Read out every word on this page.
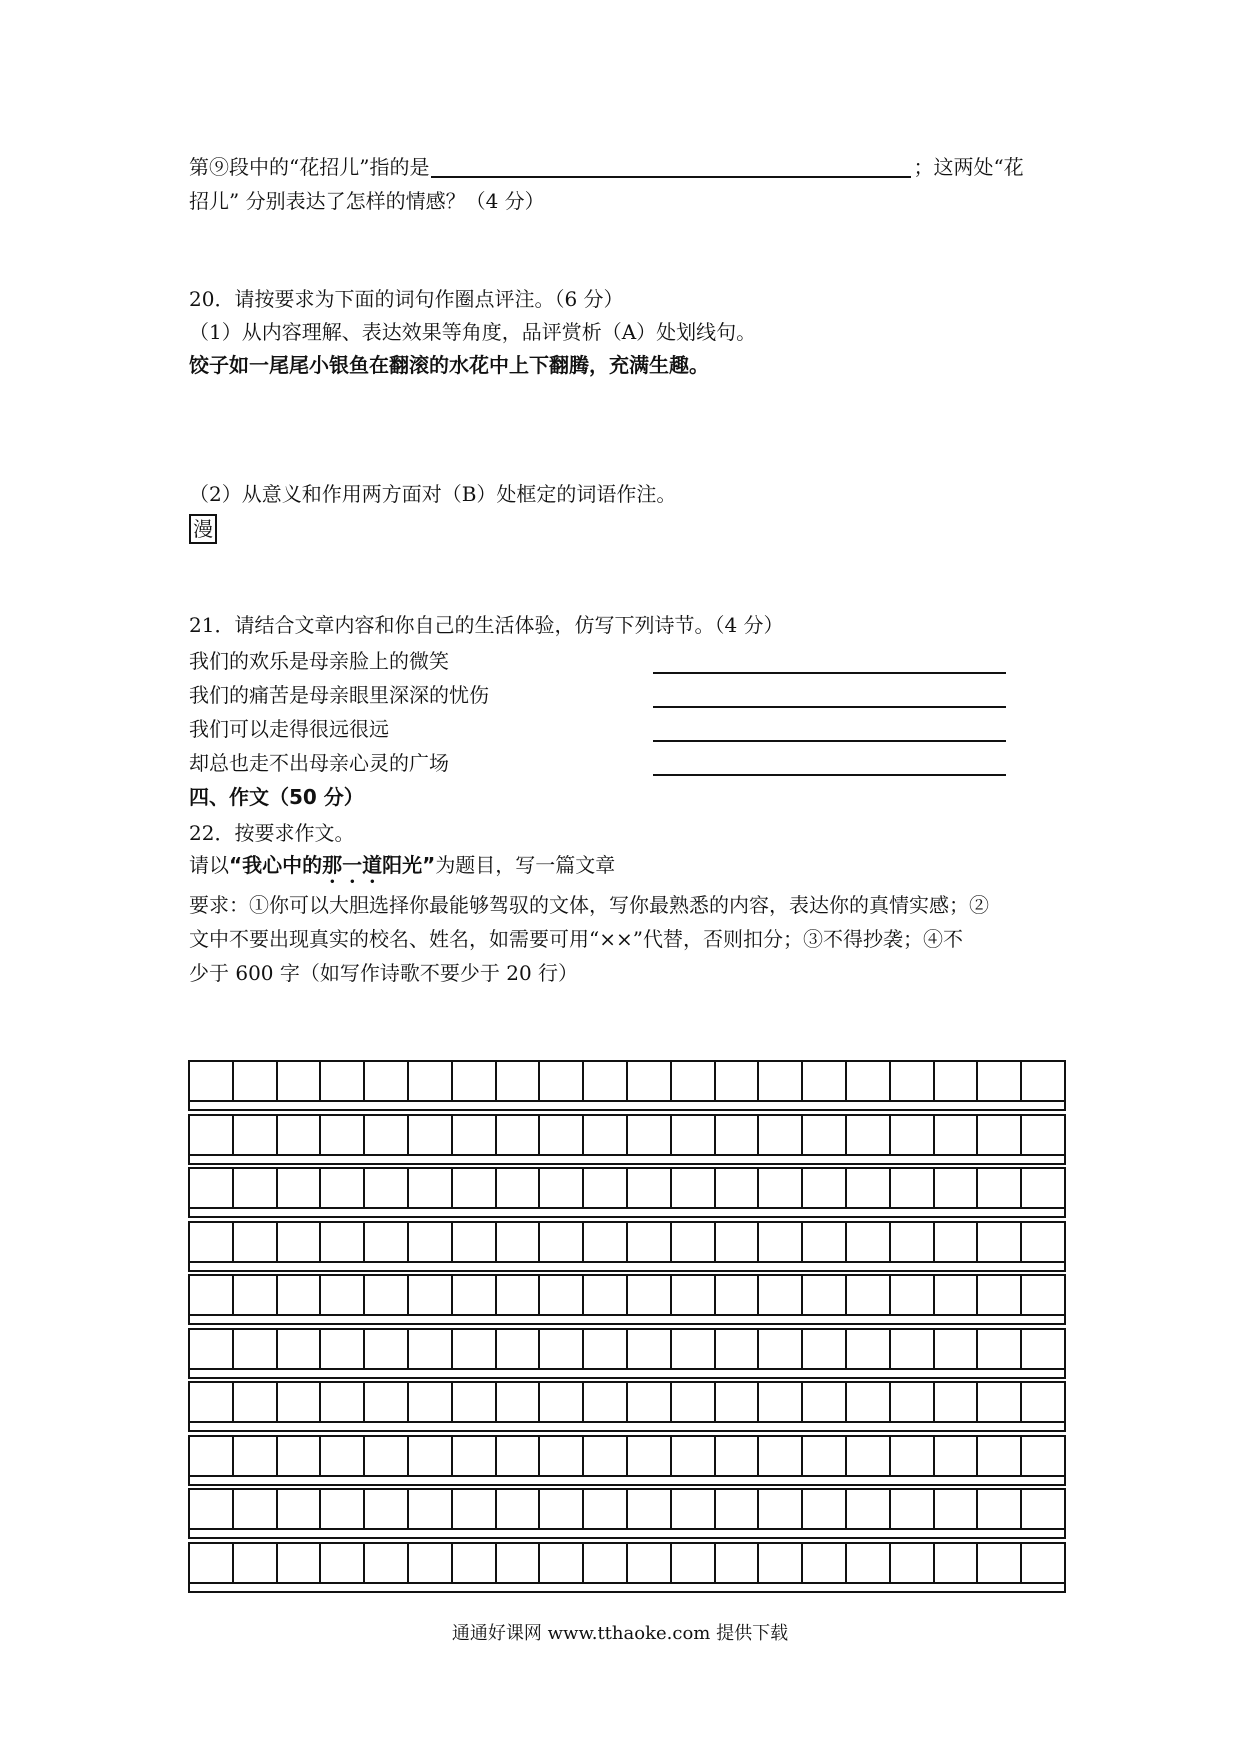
第⑨段中的“花招儿”指的是	；这两处“花
招儿” 分别表达了怎样的情感？（4 分）
20．请按要求为下面的词句作圈点评注。（6 分）
（1）从内容理解、表达效果等角度，品评赏析（A）处划线句。
饺子如一尾尾小银鱼在翻滚的水花中上下翻腾，充满生趣。
（2）从意义和作用两方面对（B）处框定的词语作注。
漫
21．请结合文章内容和你自己的生活体验，仿写下列诗节。（4 分）
我们的欢乐是母亲脸上的微笑
我们的痛苦是母亲眼里深深的忧伤
我们可以走得很远很远
却总也走不出母亲心灵的广场
四、作文（50 分）
22．按要求作文。
请以“我心中的那一道阳光”为题目，写一篇文章
要求：①你可以大胆选择你最能够驾驭的文体，写你最熟悉的内容，表达你的真情实感；②
文中不要出现真实的校名、姓名，如需要可用“××”代替，否则扣分；③不得抄袭；④不
少于 600 字（如写作诗歌不要少于 20 行）
通通好课网 www.tthaoke.com 提供下载
